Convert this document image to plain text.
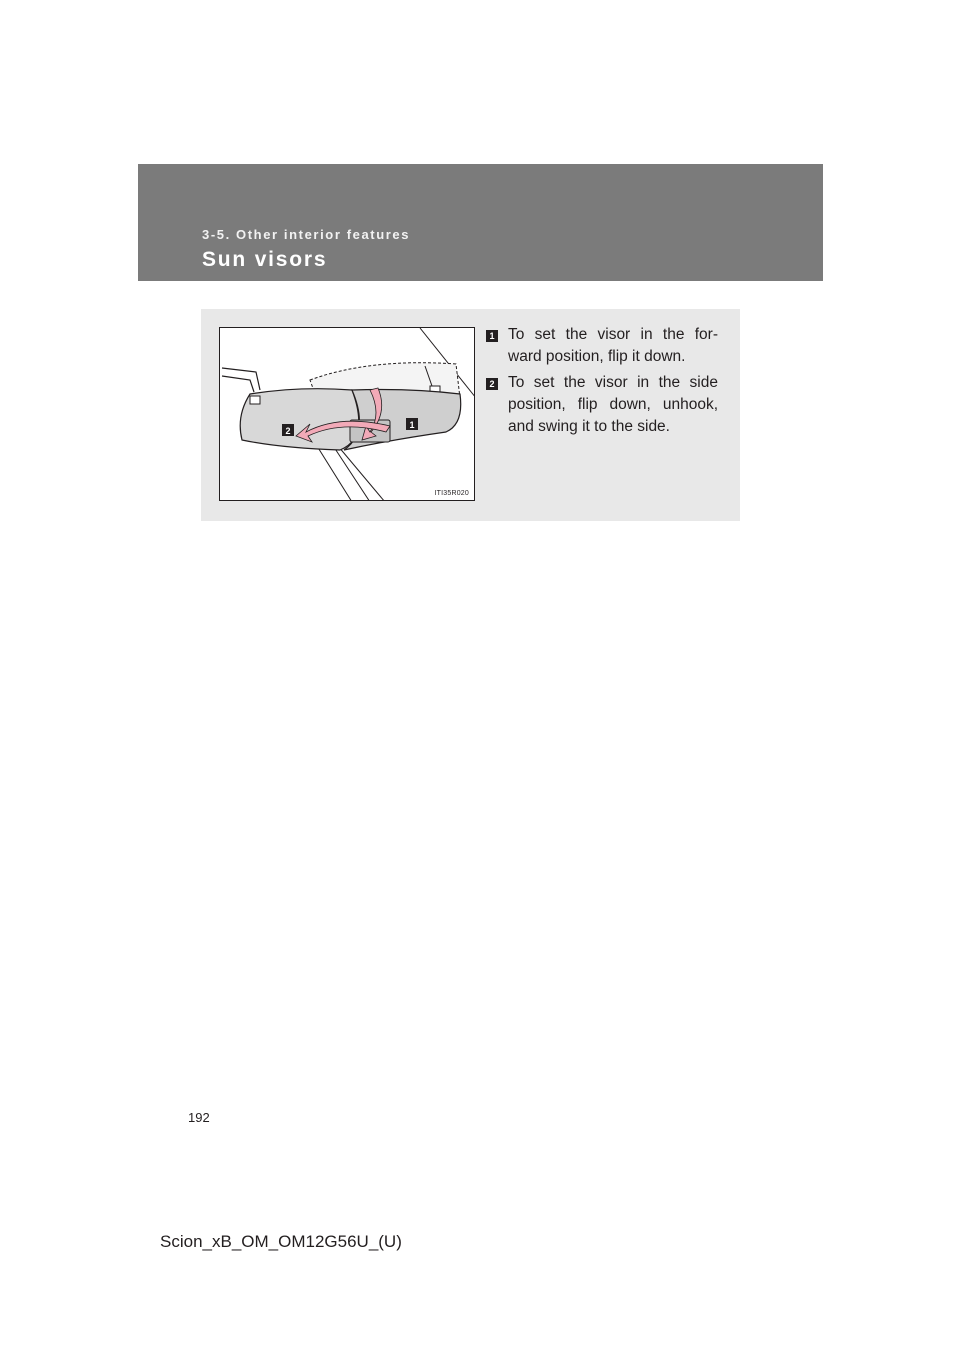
3-5. Other interior features
Sun visors
1
2
ITI35R020
1 To set the visor in the for- ward position, flip it down.
2 To set the visor in the side position, flip down, unhook, and swing it to the side.
192
Scion_xB_OM_OM12G56U_(U)
